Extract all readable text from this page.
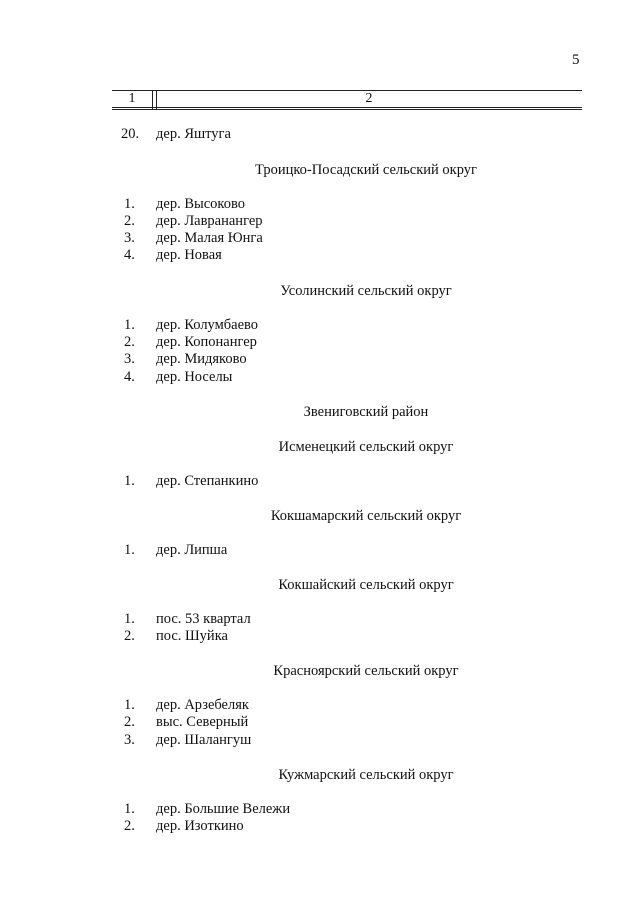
5
1	2
20. дер. Яштуга
Троицко-Посадский сельский округ
1. дер. Высоково
2. дер. Лавранангер
3. дер. Малая Юнга
4. дер. Новая
Усолинский сельский округ
1. дер. Колумбаево
2. дер. Копонангер
3. дер. Мидяково
4. дер. Носелы
Звениговский район
Исменецкий сельский округ
1. дер. Степанкино
Кокшамарский сельский округ
1. дер. Липша
Кокшайский сельский округ
1. пос. 53 квартал
2. пос. Шуйка
Красноярский сельский округ
1. дер. Арзебеляк
2. выс. Северный
3. дер. Шалангуш
Кужмарский сельский округ
1. дер. Большие Вележи
2. дер. Изоткино
